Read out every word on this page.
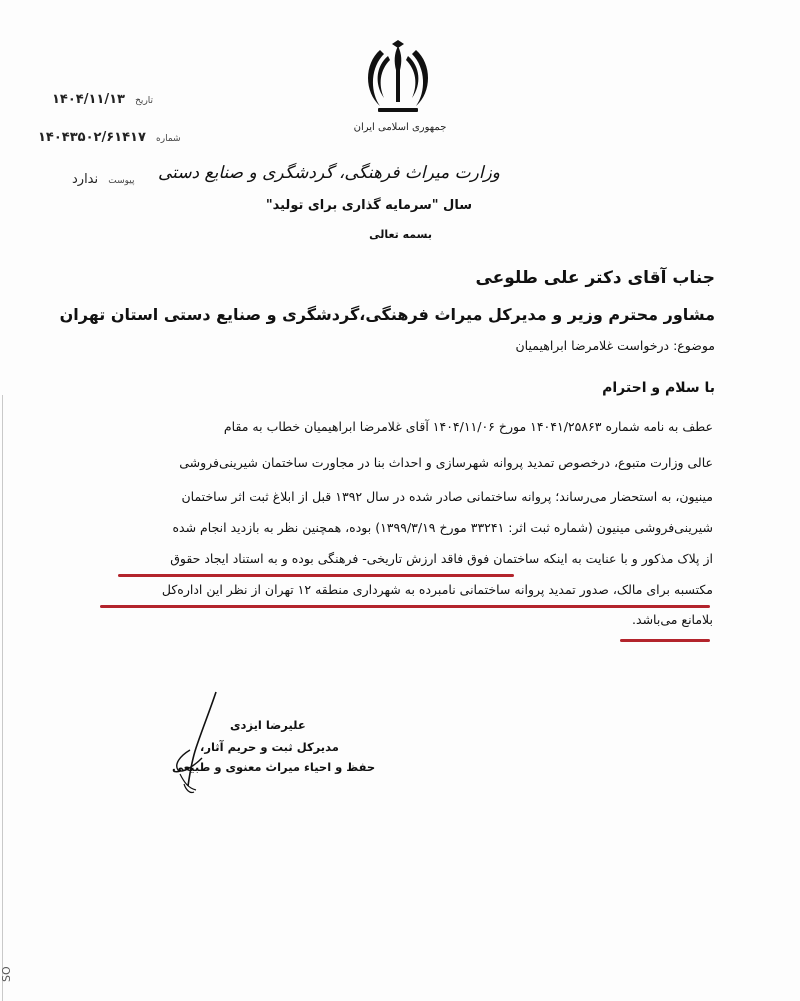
تاریخ ۱۴۰۴/۱۱/۱۳
شماره ۱۴۰۴۳۵۰۲/۶۱۴۱۷
پیوست ندارد
جمهوری اسلامی ایران
وزارت میراث فرهنگی، گردشگری و صنایع دستی
سال "سرمایه گذاری برای تولید"
بسمه تعالی
جناب آقای دکتر علی طلوعی
مشاور محترم وزیر و مدیرکل میراث فرهنگی،گردشگری و صنایع دستی استان تهران
موضوع: درخواست غلامرضا ابراهیمیان
با سلام و احترام
عطف به نامه شماره ۱۴۰۴۱/۲۵۸۶۳ مورخ ۱۴۰۴/۱۱/۰۶ آقای غلامرضا ابراهیمیان خطاب به مقام
عالی وزارت متبوع، درخصوص تمدید پروانه شهرسازی و احداث بنا در مجاورت ساختمان شیرینی‌فروشی
مینیون، به استحضار می‌رساند؛ پروانه ساختمانی صادر شده در سال ۱۳۹۲ قبل از ابلاغ ثبت اثر ساختمان
شیرینی‌فروشی مینیون (شماره ثبت اثر: ۳۳۲۴۱ مورخ ۱۳۹۹/۳/۱۹) بوده، همچنین نظر به بازدید انجام شده
از پلاک مذکور و با عنایت به اینکه ساختمان فوق فاقد ارزش تاریخی- فرهنگی بوده و به استناد ایجاد حقوق
مکتسبه برای مالک، صدور تمدید پروانه ساختمانی نامبرده به شهرداری منطقه ۱۲ تهران از نظر این اداره‌کل
بلامانع می‌باشد.
علیرضا ایزدی
مدیرکل ثبت و حریم آثار،
حفظ و احیاء میراث معنوی و طبیعی
SO
